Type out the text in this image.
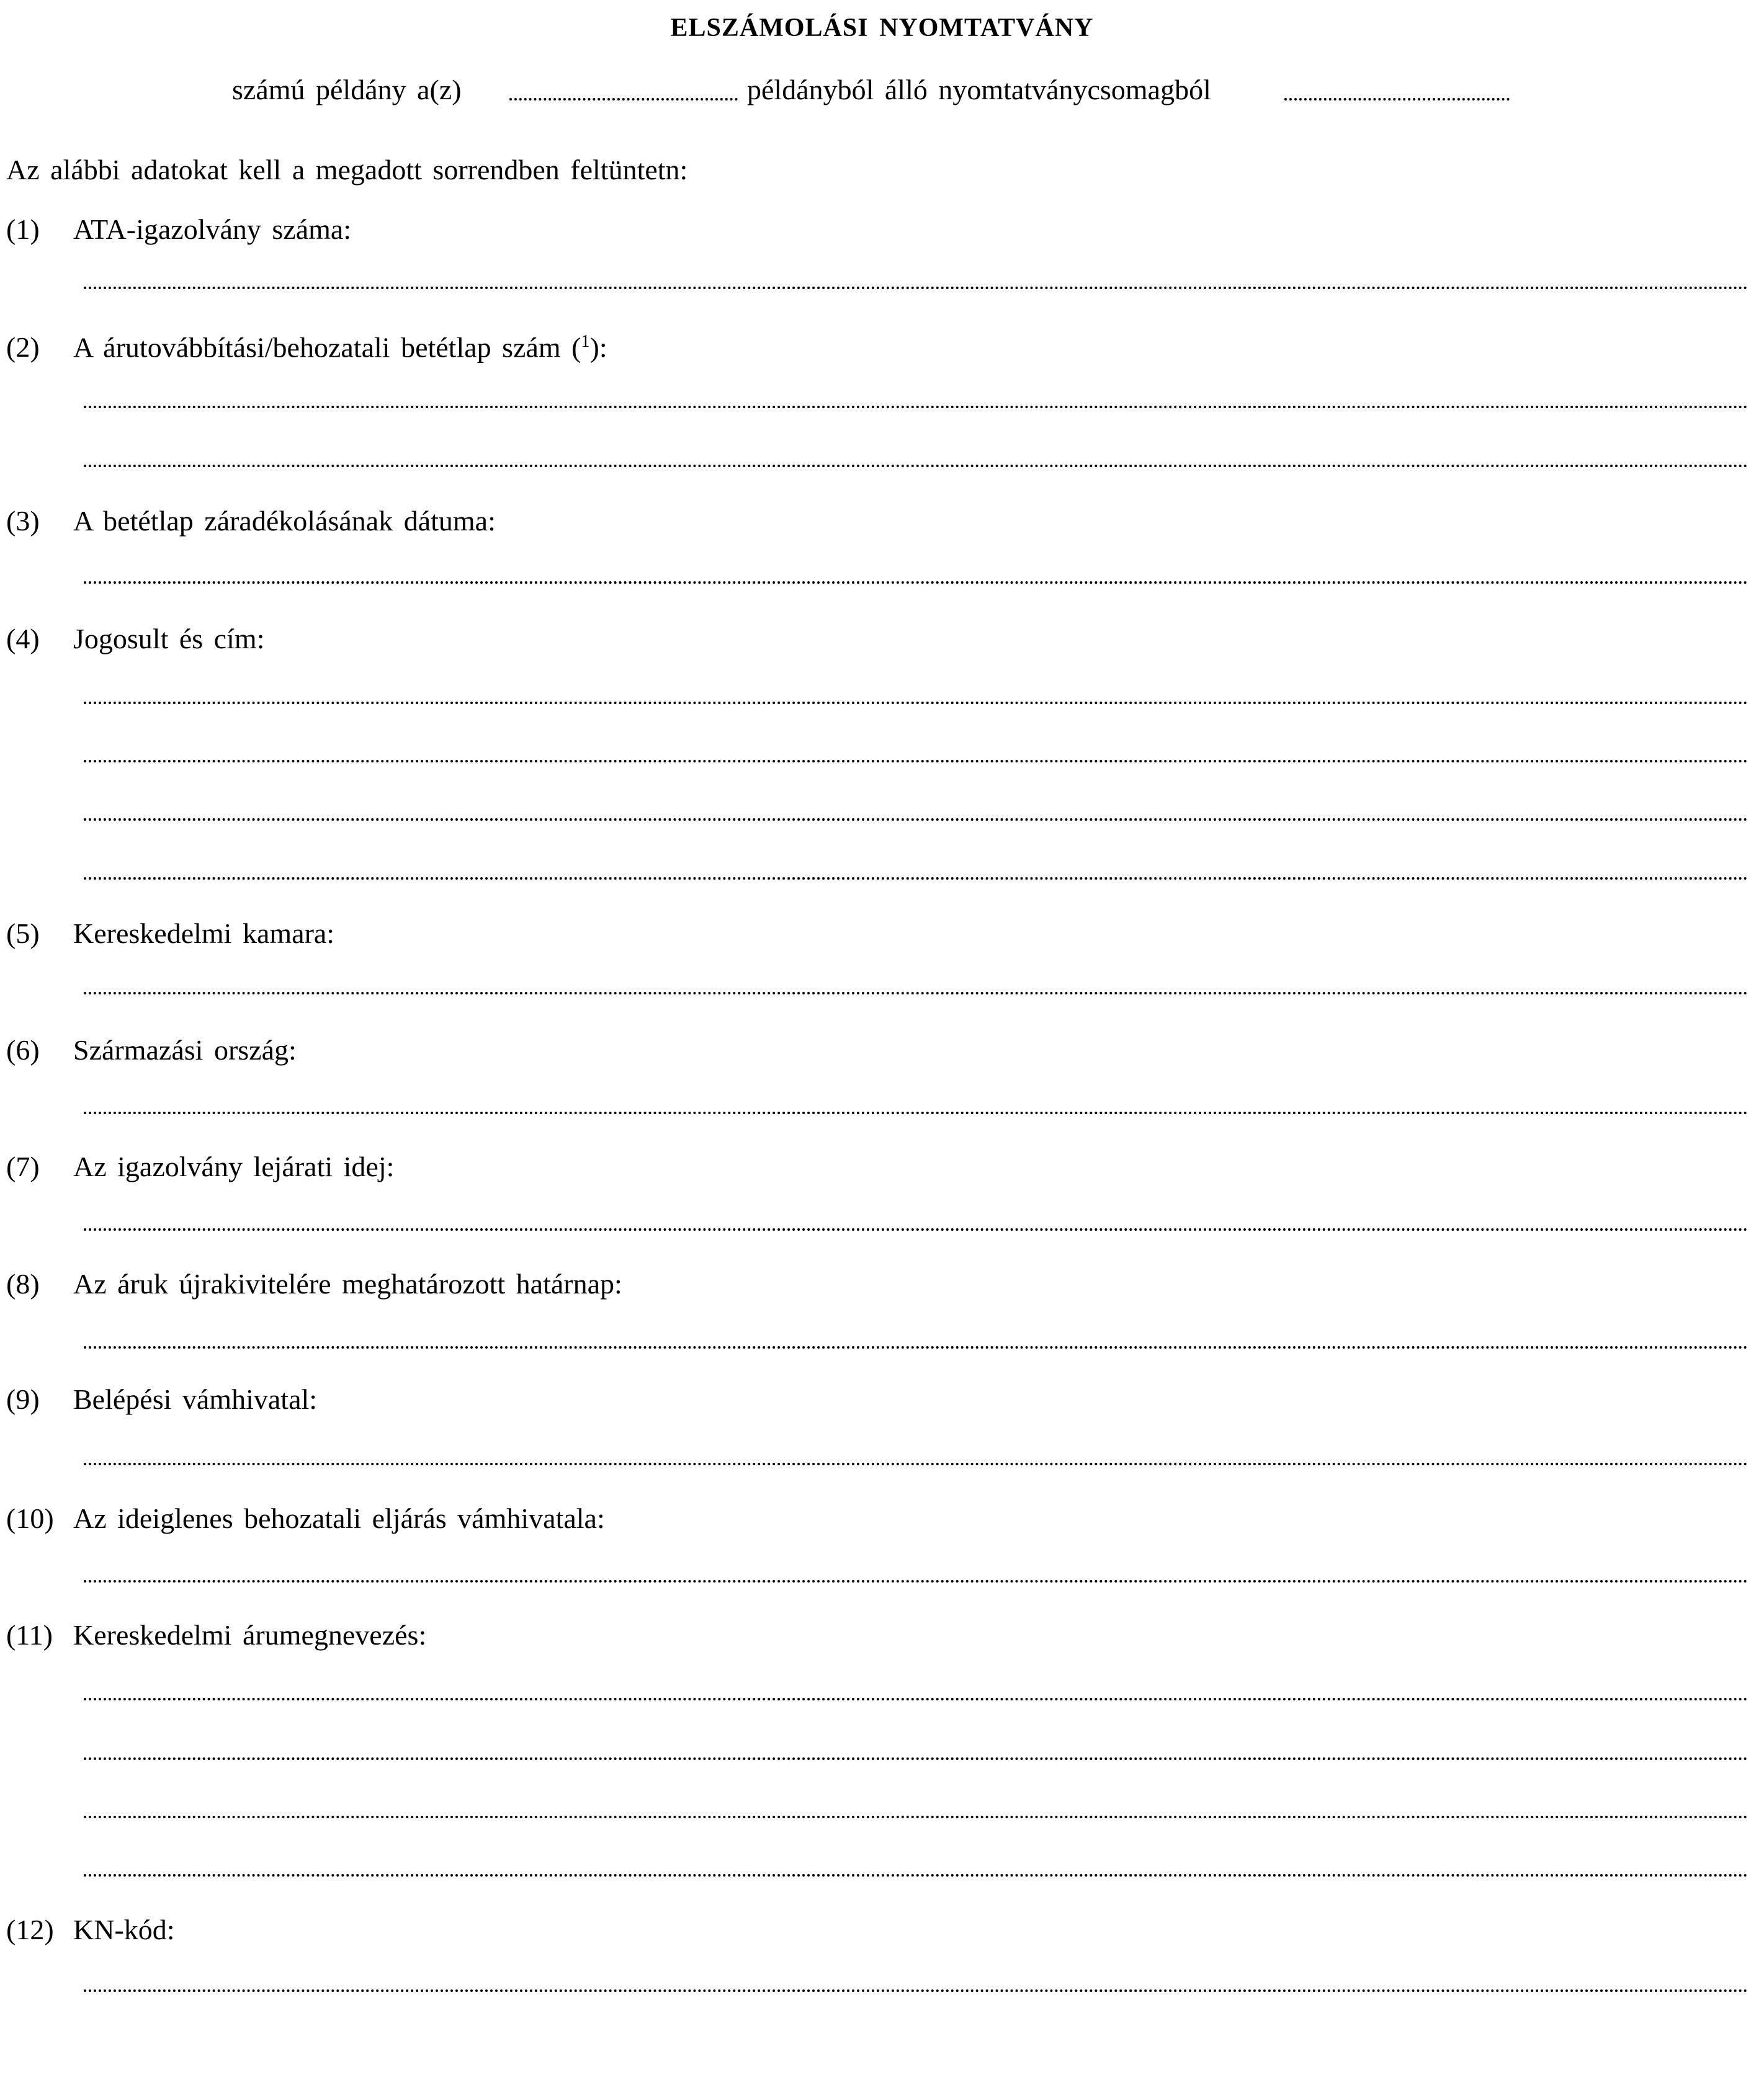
ELSZÁMOLÁSI NYOMTATVÁNY
számú példány a(z)	példányból álló nyomtatványcsomagból
Az alábbi adatokat kell a megadott sorrendben feltüntetn:
(1) ATA-igazolvány száma:
(2) A árutovábbítási/behozatali betétlap szám ($^1$):
(3) A betétlap záradékolásának dátuma:
(4) Jogosult és cím:
(5) Kereskedelmi kamara:
(6) Származási ország:
(7) Az igazolvány lejárati idej:
(8) Az áruk újrakivitelére meghatározott határnap:
(9) Belépési vámhivatal:
(10) Az ideiglenes behozatali eljárás vámhivatala:
(11) Kereskedelmi árumegnevezés:
(12) KN-kód:
